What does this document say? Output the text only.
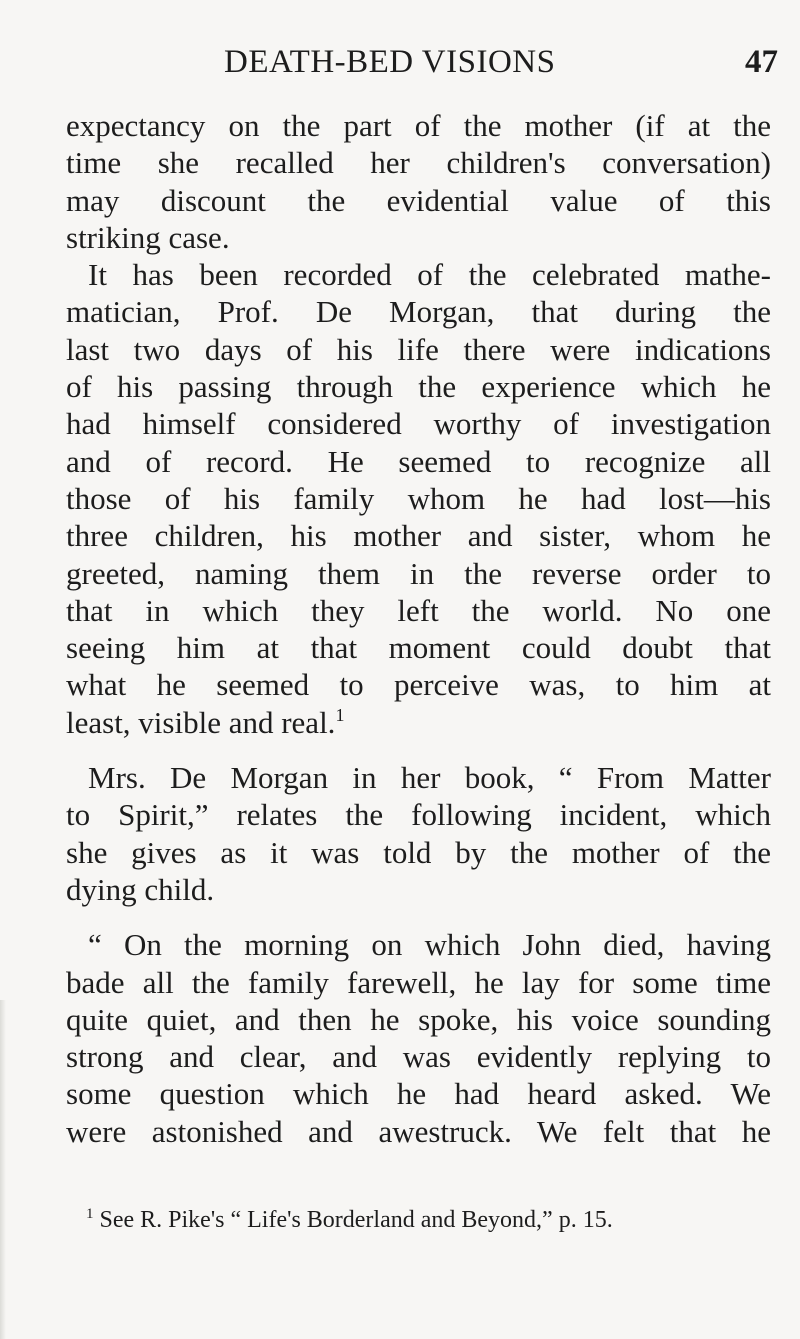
DEATH-BED VISIONS	47
expectancy on the part of the mother (if at the
time she recalled her children's conversation)
may discount the evidential value of this
striking case.
It has been recorded of the celebrated mathe-
matician, Prof. De Morgan, that during the
last two days of his life there were indications
of his passing through the experience which he
had himself considered worthy of investigation
and of record. He seemed to recognize all
those of his family whom he had lost—his
three children, his mother and sister, whom he
greeted, naming them in the reverse order to
that in which they left the world. No one
seeing him at that moment could doubt that
what he seemed to perceive was, to him at
least, visible and real.$^1$
Mrs. De Morgan in her book, “ From Matter
to Spirit,” relates the following incident, which
she gives as it was told by the mother of the
dying child.
“ On the morning on which John died, having
bade all the family farewell, he lay for some time
quite quiet, and then he spoke, his voice sounding
strong and clear, and was evidently replying to
some question which he had heard asked. We
were astonished and awestruck. We felt that he
$^1$ See R. Pike's “ Life's Borderland and Beyond,” p. 15.
